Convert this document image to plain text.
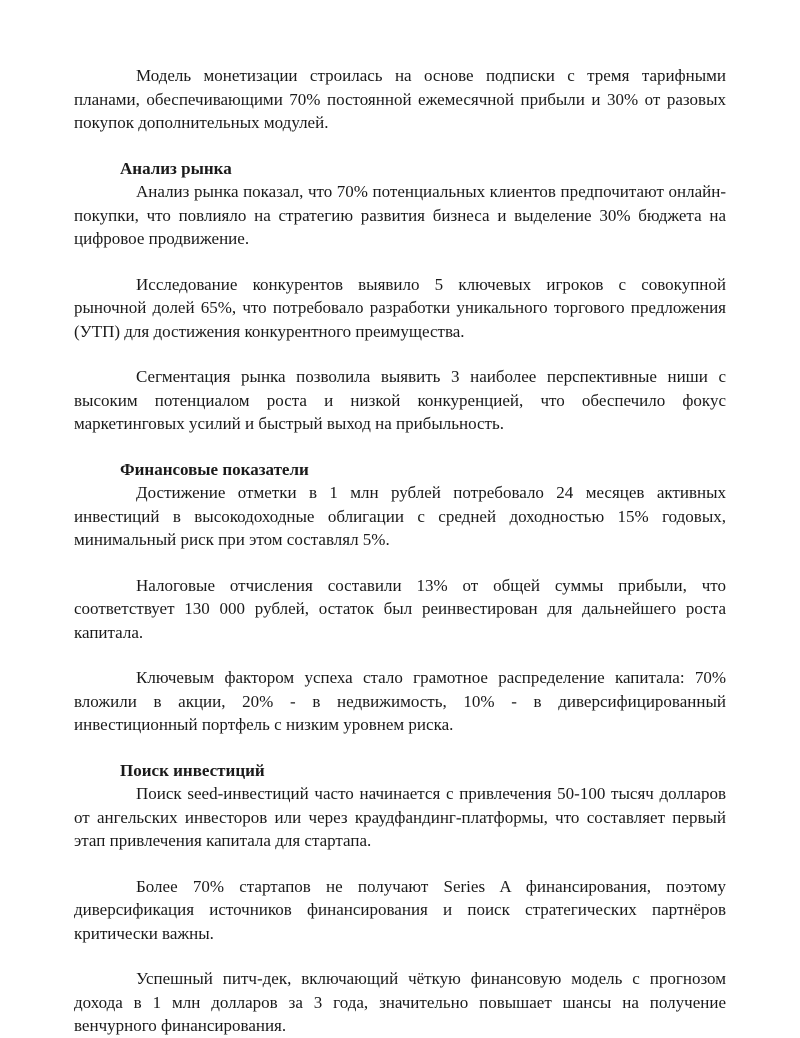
Модель монетизации строилась на основе подписки с тремя тарифными планами, обеспечивающими 70% постоянной ежемесячной прибыли и 30% от разовых покупок дополнительных модулей.

Анализ рынка

Анализ рынка показал, что 70% потенциальных клиентов предпочитают онлайн-покупки, что повлияло на стратегию развития бизнеса и выделение 30% бюджета на цифровое продвижение.

Исследование конкурентов выявило 5 ключевых игроков с совокупной рыночной долей 65%, что потребовало разработки уникального торгового предложения (УТП) для достижения конкурентного преимущества.

Сегментация рынка позволила выявить 3 наиболее перспективные ниши с высоким потенциалом роста и низкой конкуренцией, что обеспечило фокус маркетинговых усилий и быстрый выход на прибыльность.

Финансовые показатели

Достижение отметки в 1 млн рублей потребовало 24 месяцев активных инвестиций в высокодоходные облигации с средней доходностью 15% годовых, минимальный риск при этом составлял 5%.

Налоговые отчисления составили 13% от общей суммы прибыли, что соответствует 130 000 рублей, остаток был реинвестирован для дальнейшего роста капитала.

Ключевым фактором успеха стало грамотное распределение капитала: 70% вложили в акции, 20% - в недвижимость, 10% - в диверсифицированный инвестиционный портфель с низким уровнем риска.

Поиск инвестиций

Поиск seed-инвестиций часто начинается с привлечения 50-100 тысяч долларов от ангельских инвесторов или через краудфандинг-платформы, что составляет первый этап привлечения капитала для стартапа.

Более 70% стартапов не получают Series A финансирования, поэтому диверсификация источников финансирования и поиск стратегических партнёров критически важны.

Успешный питч-дек, включающий чёткую финансовую модель с прогнозом дохода в 1 млн долларов за 3 года, значительно повышает шансы на получение венчурного финансирования.
